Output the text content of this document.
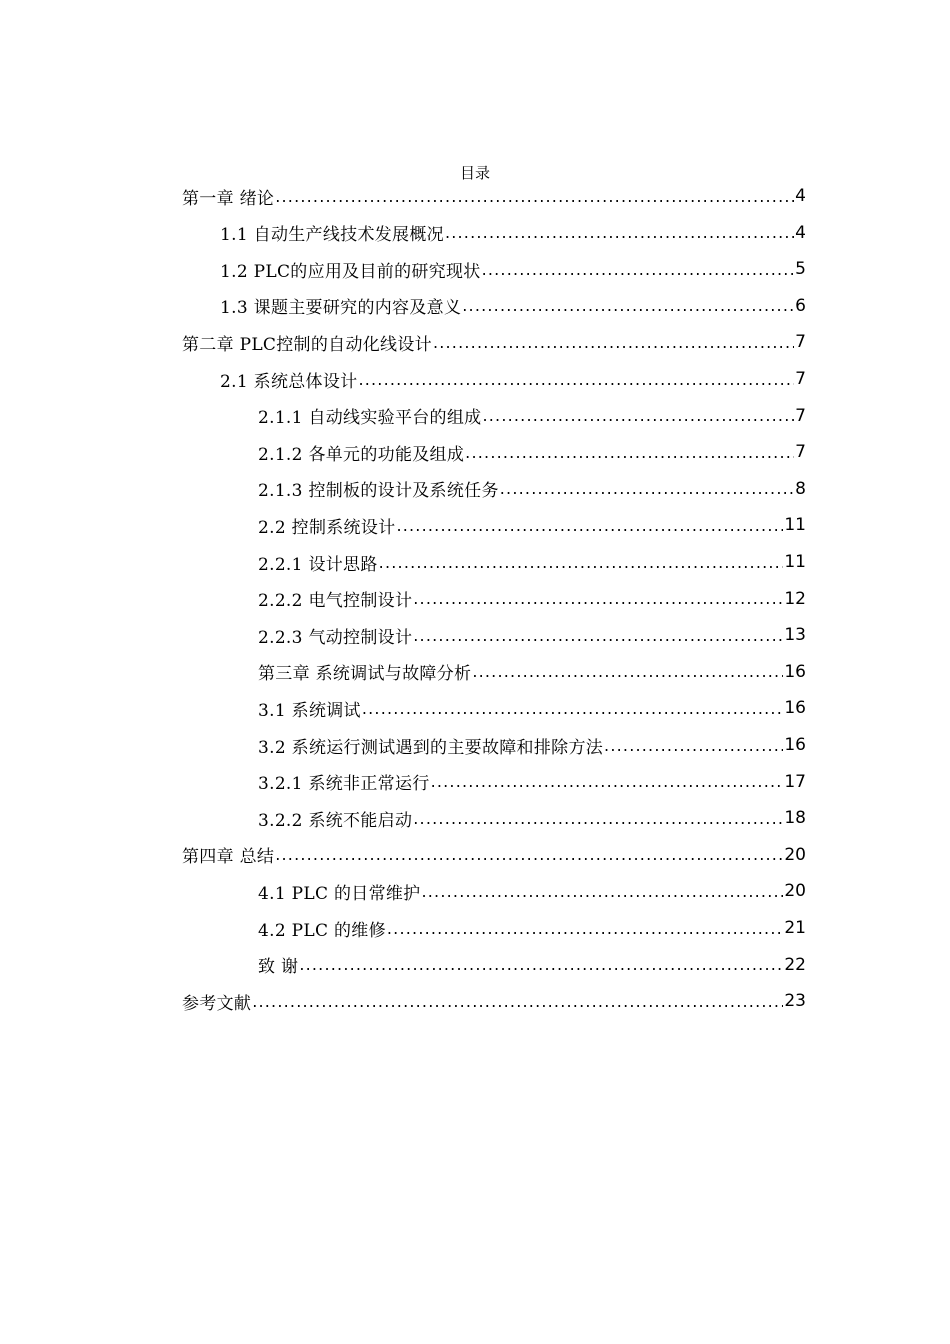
目录
第一章 绪论 .....	4
1.1 自动生产线技术发展概况 .....	4
1.2 PLC的应用及目前的研究现状 .....	5
1.3 课题主要研究的内容及意义 .....	6
第二章 PLC控制的自动化线设计 .....	7
2.1 系统总体设计 .....	7
2.1.1 自动线实验平台的组成 .....	7
2.1.2 各单元的功能及组成 .....	7
2.1.3 控制板的设计及系统任务 .....	8
2.2 控制系统设计 .....	11
2.2.1 设计思路 .....	11
2.2.2 电气控制设计 .....	12
2.2.3 气动控制设计 .....	13
第三章 系统调试与故障分析 .....	16
3.1 系统调试 .....	16
3.2 系统运行测试遇到的主要故障和排除方法 .....	16
3.2.1 系统非正常运行 .....	17
3.2.2 系统不能启动 .....	18
第四章 总结 .....	20
4.1 PLC 的日常维护 .....	20
4.2 PLC 的维修 .....	21
致 谢 .....	22
参考文献 .....	23
